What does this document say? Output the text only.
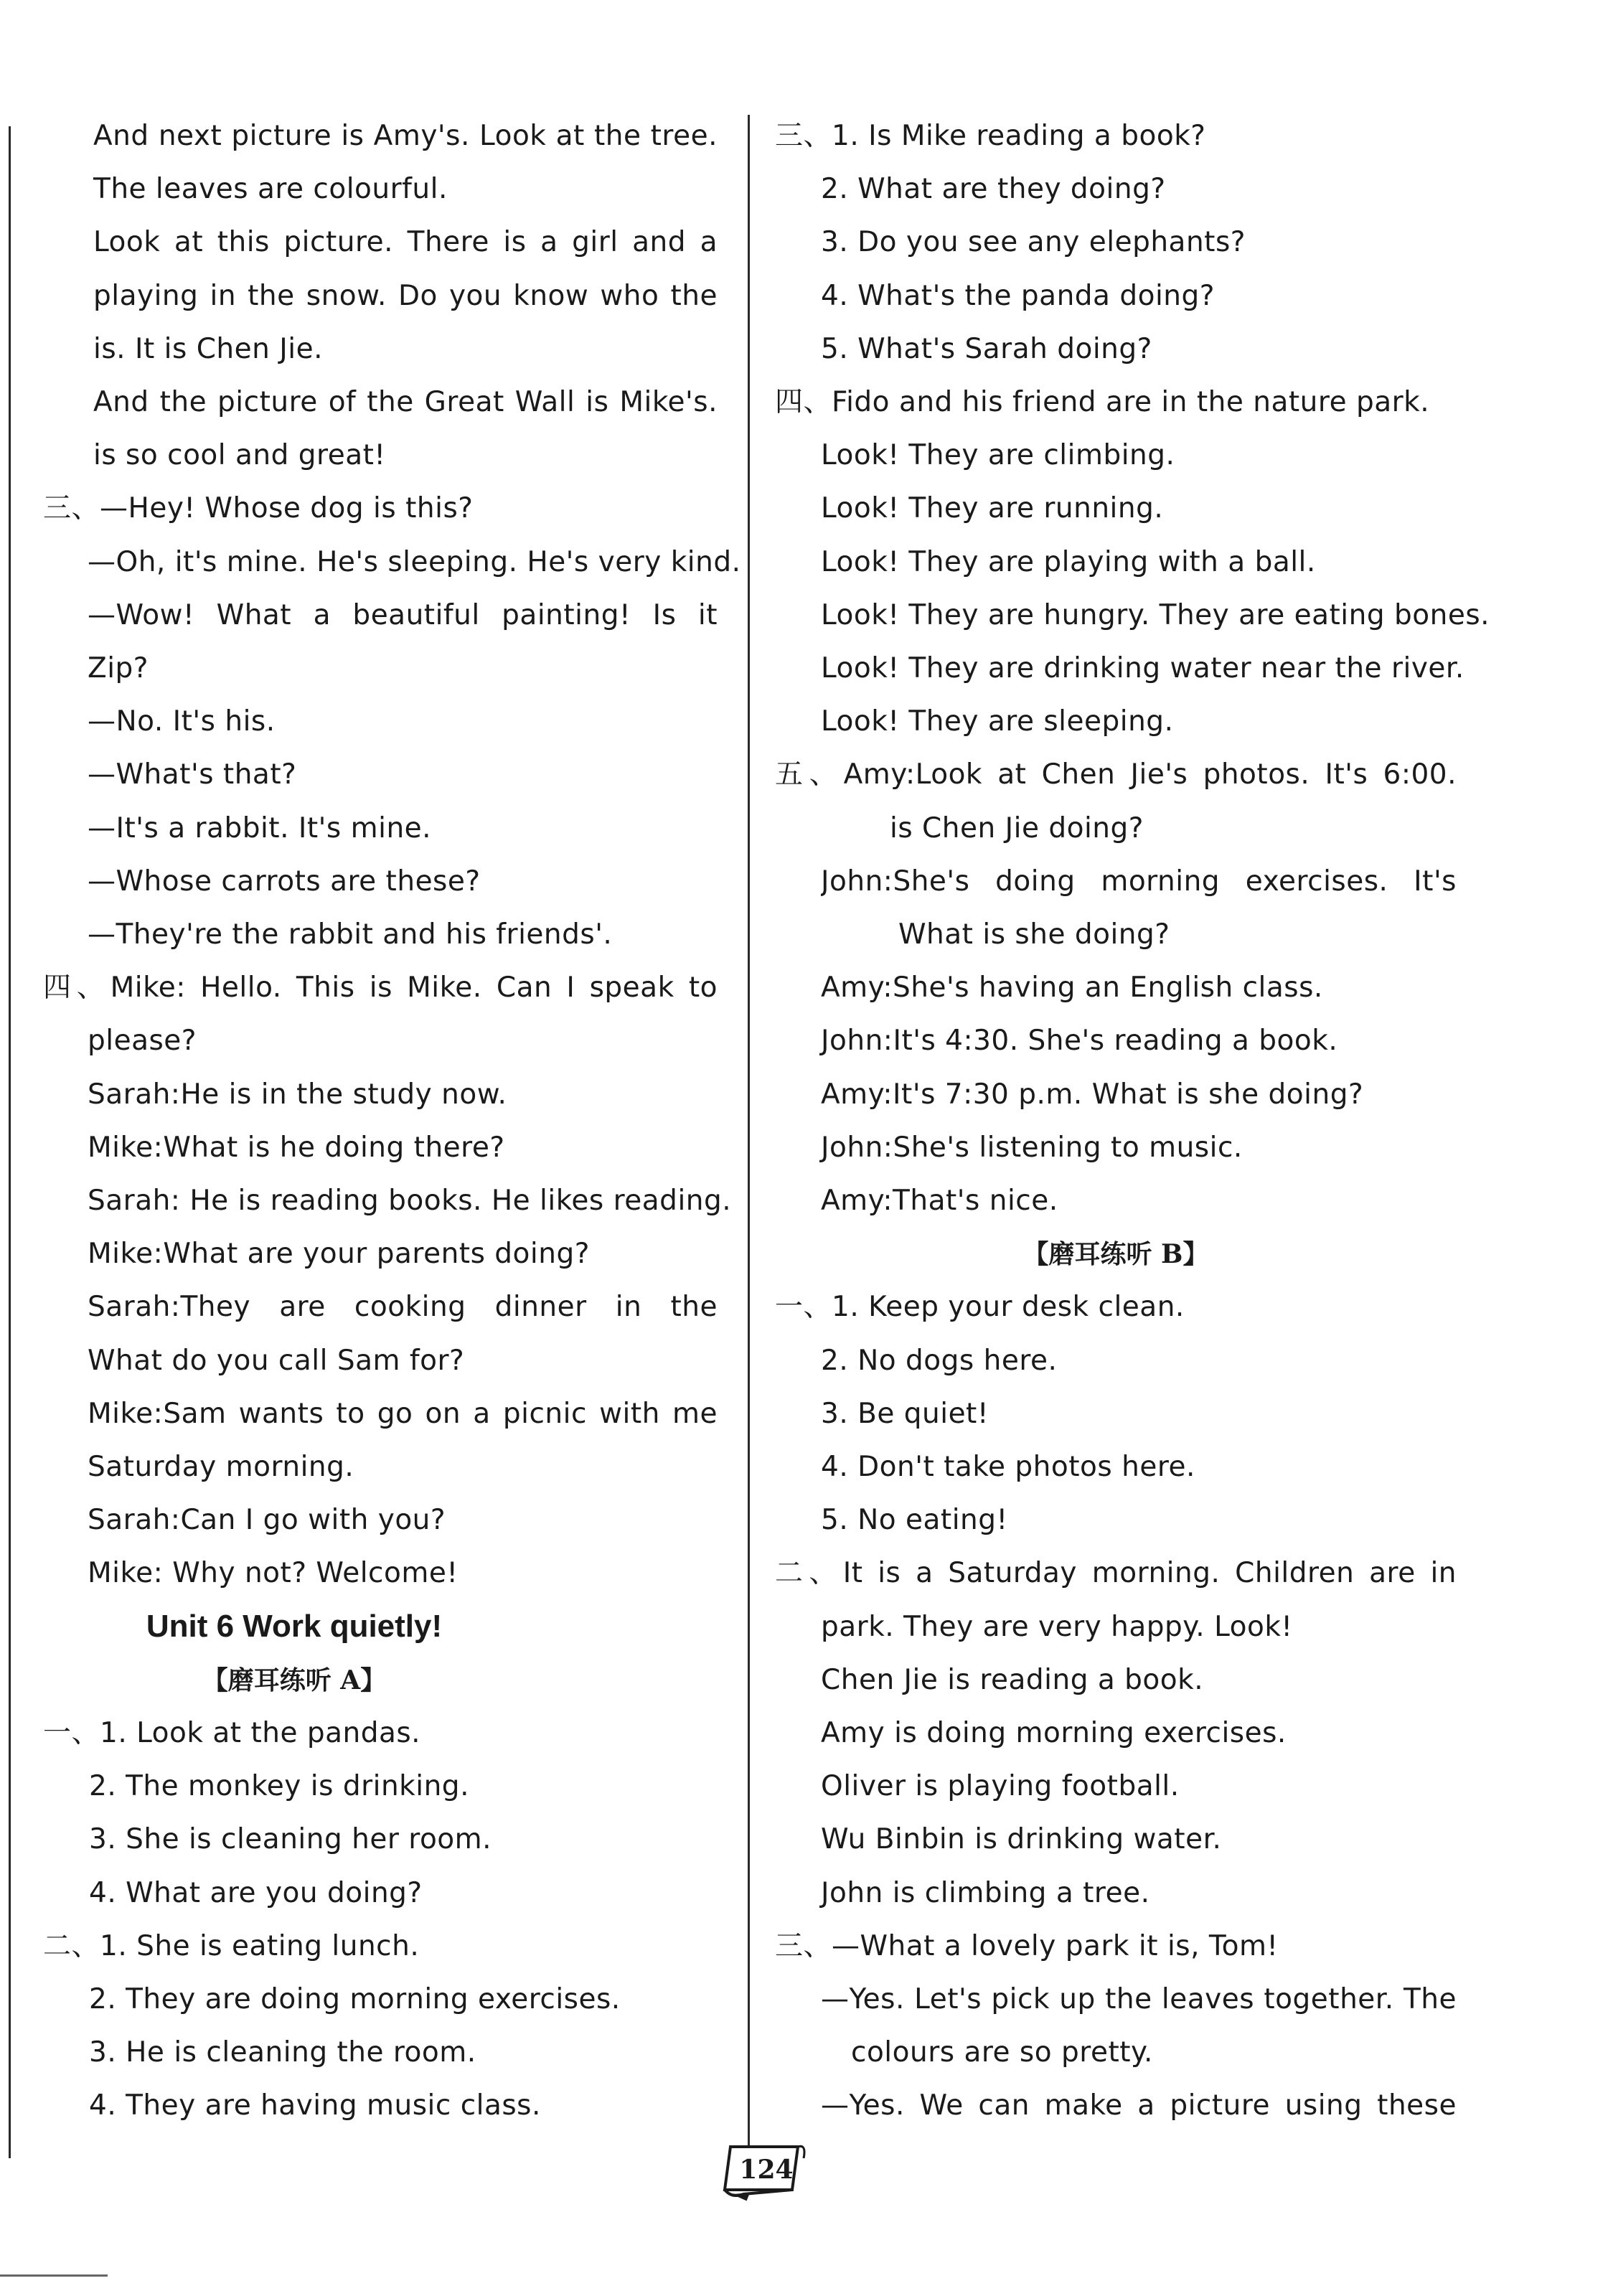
And next picture is Amy's. Look at the tree.
The leaves are colourful.
Look at this picture. There is a girl and a
playing in the snow. Do you know who the
is. It is Chen Jie.
And the picture of the Great Wall is Mike's.
is so cool and great!
三、—Hey! Whose dog is this?
—Oh, it's mine. He's sleeping. He's very kind.
—Wow! What a beautiful painting! Is it
Zip?
—No. It's his.
—What's that?
—It's a rabbit. It's mine.
—Whose carrots are these?
—They're the rabbit and his friends'.
四、Mike: Hello. This is Mike. Can I speak to
please?
Sarah:He is in the study now.
Mike:What is he doing there?
Sarah: He is reading books. He likes reading.
Mike:What are your parents doing?
Sarah:They are cooking dinner in the
What do you call Sam for?
Mike:Sam wants to go on a picnic with me
Saturday morning.
Sarah:Can I go with you?
Mike: Why not? Welcome!
Unit 6 Work quietly!
【磨耳练听 A】
一、1. Look at the pandas.
2. The monkey is drinking.
3. She is cleaning her room.
4. What are you doing?
二、1. She is eating lunch.
2. They are doing morning exercises.
3. He is cleaning the room.
4. They are having music class.
三、1. Is Mike reading a book?
2. What are they doing?
3. Do you see any elephants?
4. What's the panda doing?
5. What's Sarah doing?
四、Fido and his friend are in the nature park.
Look! They are climbing.
Look! They are running.
Look! They are playing with a ball.
Look! They are hungry. They are eating bones.
Look! They are drinking water near the river.
Look! They are sleeping.
五、Amy:Look at Chen Jie's photos. It's 6:00.
is Chen Jie doing?
John:She's doing morning exercises. It's
What is she doing?
Amy:She's having an English class.
John:It's 4:30. She's reading a book.
Amy:It's 7:30 p.m. What is she doing?
John:She's listening to music.
Amy:That's nice.
【磨耳练听 B】
一、1. Keep your desk clean.
2. No dogs here.
3. Be quiet!
4. Don't take photos here.
5. No eating!
二、It is a Saturday morning. Children are in
park. They are very happy. Look!
Chen Jie is reading a book.
Amy is doing morning exercises.
Oliver is playing football.
Wu Binbin is drinking water.
John is climbing a tree.
三、—What a lovely park it is, Tom!
—Yes. Let's pick up the leaves together. The
colours are so pretty.
—Yes. We can make a picture using these
124
